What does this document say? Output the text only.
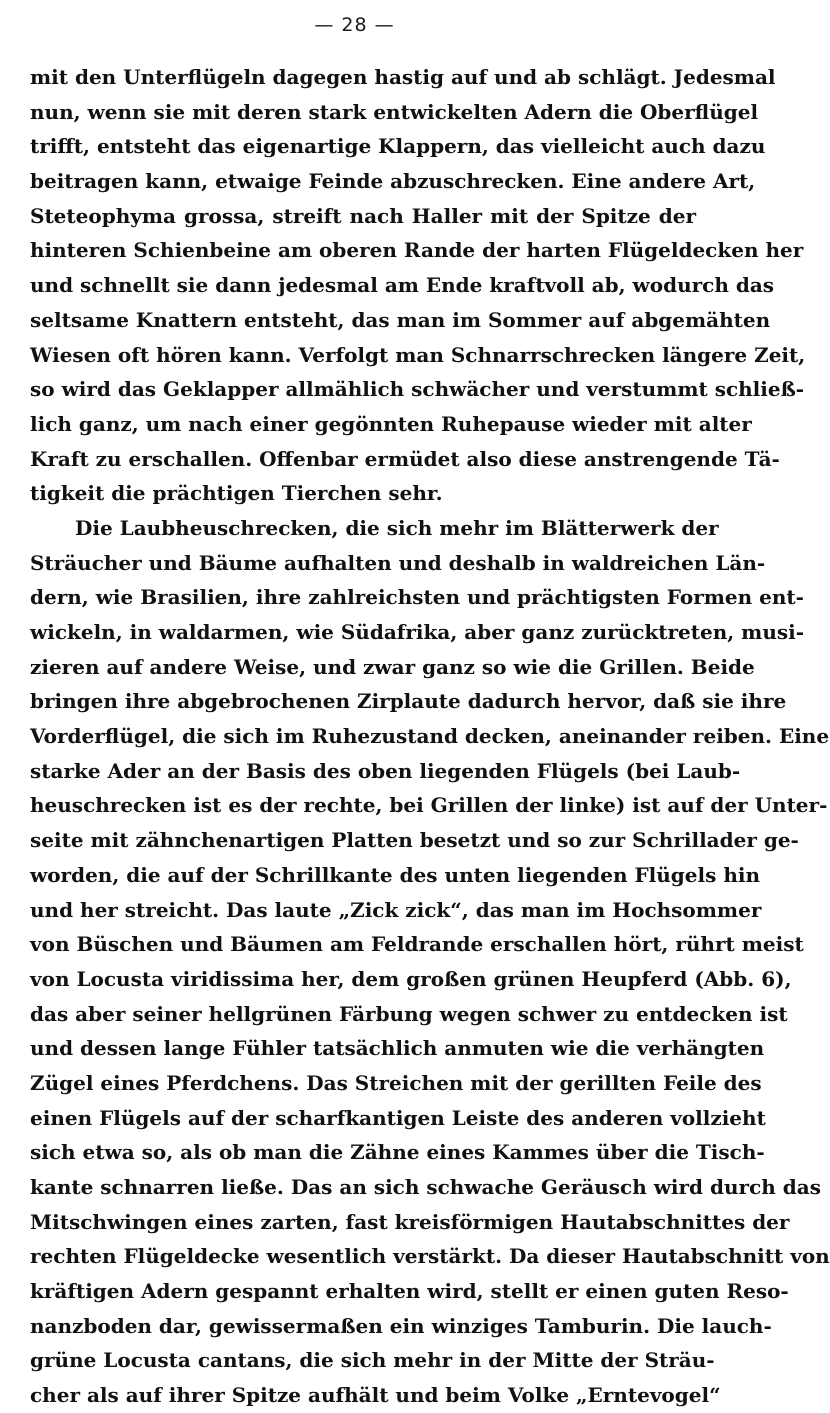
— 28 —
mit den Unterflügeln dagegen hastig auf und ab schlägt. Jedesmal
nun, wenn sie mit deren stark entwickelten Adern die Oberflügel
trifft, entsteht das eigenartige Klappern, das vielleicht auch dazu
beitragen kann, etwaige Feinde abzuschrecken. Eine andere Art,
Steteophyma grossa, streift nach Haller mit der Spitze der
hinteren Schienbeine am oberen Rande der harten Flügeldecken her
und schnellt sie dann jedesmal am Ende kraftvoll ab, wodurch das
seltsame Knattern entsteht, das man im Sommer auf abgemähten
Wiesen oft hören kann. Verfolgt man Schnarrschrecken längere Zeit,
so wird das Geklapper allmählich schwächer und verstummt schließ-
lich ganz, um nach einer gegönnten Ruhepause wieder mit alter
Kraft zu erschallen. Offenbar ermüdet also diese anstrengende Tä-
tigkeit die prächtigen Tierchen sehr.
Die Laubheuschrecken, die sich mehr im Blätterwerk der
Sträucher und Bäume aufhalten und deshalb in waldreichen Län-
dern, wie Brasilien, ihre zahlreichsten und prächtigsten Formen ent-
wickeln, in waldarmen, wie Südafrika, aber ganz zurücktreten, musi-
zieren auf andere Weise, und zwar ganz so wie die Grillen. Beide
bringen ihre abgebrochenen Zirplaute dadurch hervor, daß sie ihre
Vorderflügel, die sich im Ruhezustand decken, aneinander reiben. Eine
starke Ader an der Basis des oben liegenden Flügels (bei Laub-
heuschrecken ist es der rechte, bei Grillen der linke) ist auf der Unter-
seite mit zähnchenartigen Platten besetzt und so zur Schrillader ge-
worden, die auf der Schrillkante des unten liegenden Flügels hin
und her streicht. Das laute „Zick zick“, das man im Hochsommer
von Büschen und Bäumen am Feldrande erschallen hört, rührt meist
von Locusta viridissima her, dem großen grünen Heupferd (Abb. 6),
das aber seiner hellgrünen Färbung wegen schwer zu entdecken ist
und dessen lange Fühler tatsächlich anmuten wie die verhängten
Zügel eines Pferdchens. Das Streichen mit der gerillten Feile des
einen Flügels auf der scharfkantigen Leiste des anderen vollzieht
sich etwa so, als ob man die Zähne eines Kammes über die Tisch-
kante schnarren ließe. Das an sich schwache Geräusch wird durch das
Mitschwingen eines zarten, fast kreisförmigen Hautabschnittes der
rechten Flügeldecke wesentlich verstärkt. Da dieser Hautabschnitt von
kräftigen Adern gespannt erhalten wird, stellt er einen guten Reso-
nanzboden dar, gewissermaßen ein winziges Tamburin. Die lauch-
grüne Locusta cantans, die sich mehr in der Mitte der Sträu-
cher als auf ihrer Spitze aufhält und beim Volke „Erntevogel“
